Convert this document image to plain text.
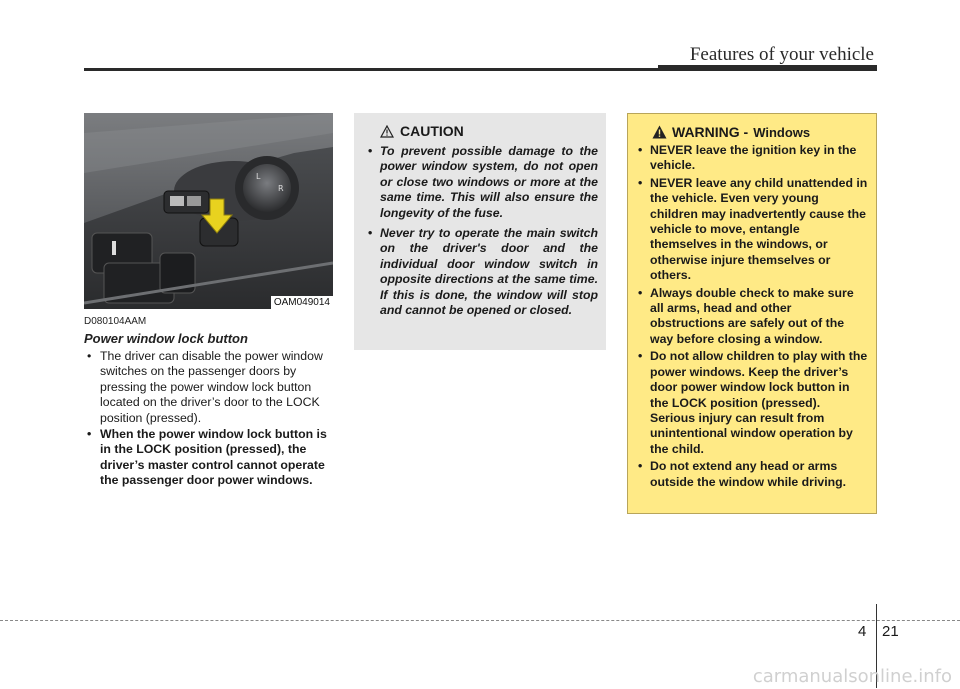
Features of your vehicle
L
R
OAM049014
D080104AAM
Power window lock button
• The driver can disable the power window switches on the passenger doors by pressing the power window lock button located on the driver’s door to the LOCK position (pressed).
• When the power window lock button is in the LOCK position (pressed), the driver’s master control cannot operate the passenger door power windows.
CAUTION
• To prevent possible damage to the power window system, do not open or close two windows or more at the same time. This will also ensure the longevity of the fuse.
• Never try to operate the main switch on the driver's door and the individual door window switch in opposite directions at the same time. If this is done, the window will stop and cannot be opened or closed.
WARNING - Windows
• NEVER leave the ignition key in the vehicle.
• NEVER leave any child unattended in the vehicle. Even very young children may inadvertently cause the vehicle to move, entangle themselves in the windows, or otherwise injure themselves or others.
• Always double check to make sure all arms, head and other obstructions are safely out of the way before closing a window.
• Do not allow children to play with the power windows. Keep the driver’s door power window lock button in the LOCK position (pressed). Serious injury can result from unintentional window operation by the child.
• Do not extend any head or arms outside the window while driving.
4 21
carmanualsonline.info
